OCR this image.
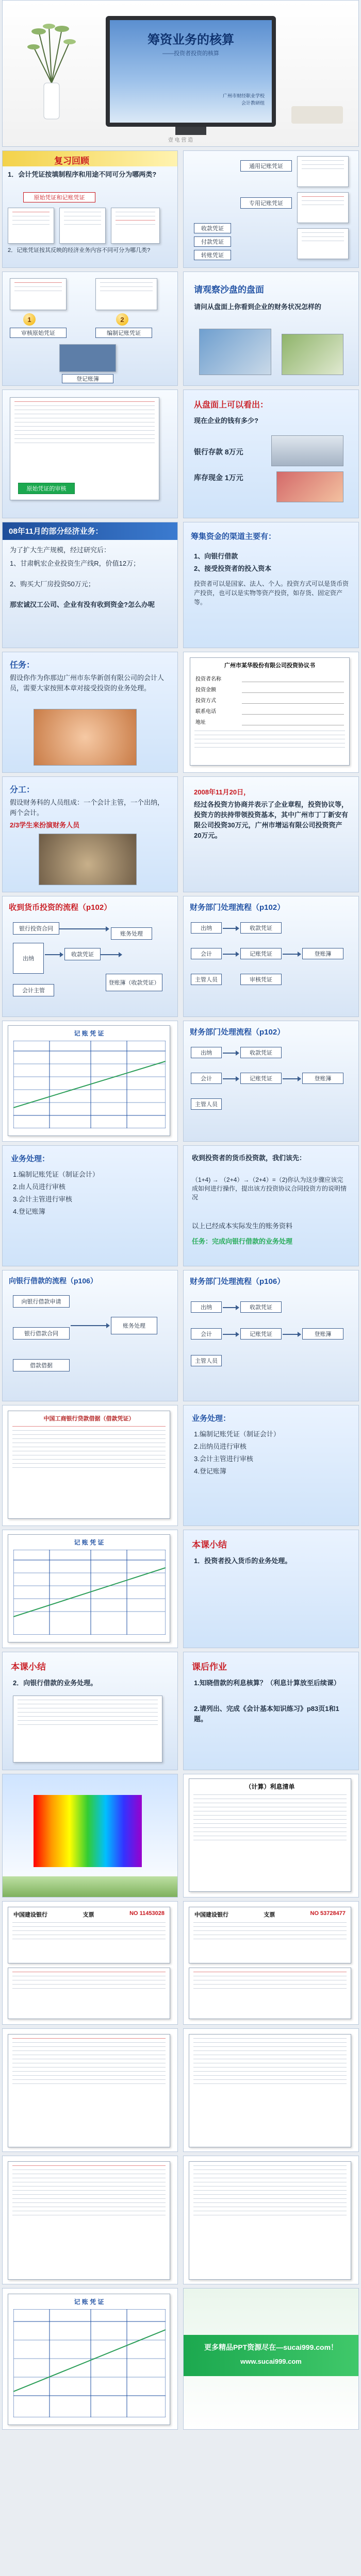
筹资业务的核算
——投资者投资的核算
广州市财经职业学校
会计教研组
壹 电 营 造
复习回顾
1．会计凭证按填制程序和用途不同可分为哪两类?
原始凭证和记账凭证
2．记账凭证按其反映的经济业务内容不同可分为哪几类?
通用记账凭证
专用记账凭证
收款凭证
付款凭证
转账凭证
1	2
审核原始凭证	编制记账凭证
登记账簿
请观察沙盘的盘面
请问从盘面上你看到企业的财务状况怎样的
原始凭证的审核
从盘面上可以看出：
现在企业的钱有多少?
银行存款 8万元
库存现金 1万元
08年11月的部分经济业务：
为了扩大生产规模，经过研究后：
1、甘肃帆宏企业投资生产线R，价值12万；
2、购买大厂房投资50万元；
那宏诚汉工公司、企业有没有收到资金?怎么办呢
筹集资金的渠道主要有：
1、向银行借款
2、接受投资者的投入资本
投资者可以是国家、法人、个人。投资方式可以是货币资产投资，也可以是实物等资产投资，如存货、固定资产等。
任务：
假设你作为你那边广州市东华新创有限公司的会计人员，需要大家按照本章对接受投资的业务处理。
广州市某华股份有限公司投资协议书
投资者名称
投资金额
投资方式
联系电话
地址
分工：
假设财务科的人员组成：一个会计主管，一个出纳，两个会计。
2/3学生来扮演财务人员
2008年11月20日，
经过各投资方协商并表示了企业章程，投资协议等，投资方的扶持带领投资基本，其中广州市丁丁新安有限公司投资30万元，广州市增运有限公司投资资产20万元。
收到货币投资的流程（p102）
银行投资合同
出纳
收款凭证
会计主管
账务处理
登账簿（收款凭证）
财务部门处理流程（p102）
出纳
会计
主管人员
收款凭证
记账凭证	登账簿
审核凭证
记 账 凭 证	财务部门处理流程（p102）
出纳
会计
主管人员
收款凭证
记账凭证	登账簿
业务处理：
1.编制记账凭证（制证会计）
2.由人员进行审核
3.会计主管进行审核
4.登记账簿
收到投资者的货币投资款，我们该先：
（1+4) → （2+4）→（2+4）=（2)你认为这步骤应该完成如何进行操作，提出该方投资协议合同投资方的说明情况
以上已经成本实际发生的账务资料
任务：完成向银行借款的业务处理
向银行借款的流程（p106）
向银行借款申请
账务处理
银行借款合同
借款借据
财务部门处理流程（p106）
出纳
会计
主管人员
收款凭证
记账凭证	登账簿
中国工商银行贷款借据（借款凭证）	业务处理：
1.编制记账凭证（制证会计）
2.出纳员进行审核
3.会计主管进行审核
4.登记账簿
记 账 凭 证	本课小结
1．投资者投入货币的业务处理。
本课小结
2．向银行借款的业务处理。
课后作业
1.知晓借款的利息核算？（利息计算放至后续课）
2.请列出、完成《会计基本知识练习》p83页1和1题。
（计算）利息清单
中国建设银行	支票	NO 11453028	中国建设银行	支票	NO 53728477
记 账 凭 证
更多精品PPT资源尽在—sucai999.com！
www.sucai999.com
